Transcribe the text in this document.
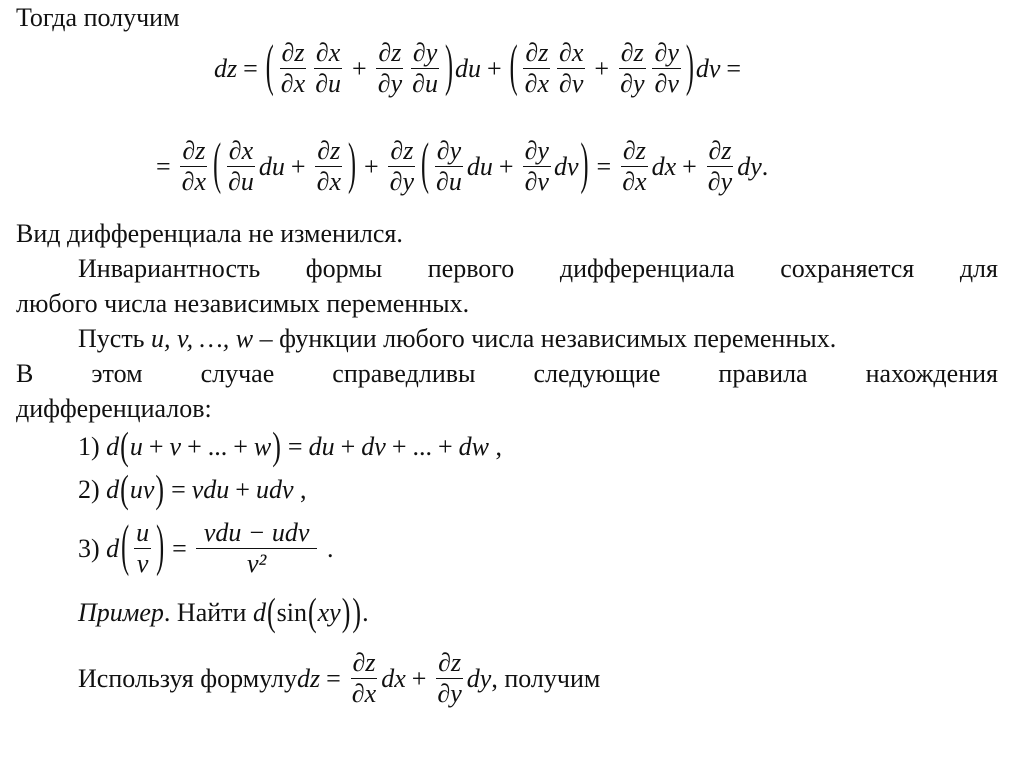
Тогда получим
dz = ( $\frac{\partial z}{\partial x} \frac{\partial x}{\partial u} + \frac{\partial z}{\partial y} \frac{\partial y}{\partial u}$ ) du + ( $\frac{\partial z}{\partial x} \frac{\partial x}{\partial v} + \frac{\partial z}{\partial y} \frac{\partial y}{\partial v}$ ) dv =
= $\frac{\partial z}{\partial x}$ ( $\frac{\partial x}{\partial u}$ du + $\frac{\partial z}{\partial x}$ ) + $\frac{\partial z}{\partial y}$ ( $\frac{\partial y}{\partial u}$ du + $\frac{\partial y}{\partial v}$ dv ) = $\frac{\partial z}{\partial x}$ dx + $\frac{\partial z}{\partial y}$ dy .
Вид дифференциала не изменился.
Инвариантность формы первого дифференциала сохраняется для
любого числа независимых переменных.
Пусть u, v, …, w – функции любого числа независимых переменных.
В этом случае справедливы следующие правила нахождения
дифференциалов:
1)
d ( u + v + ... + w ) = du + dv + ... + dw ,
2)
d ( uv ) = vdu + udv ,
3)
d ( $\frac{u}{v}$ ) = $\frac{\text{vdu − udv}}{\text{v²}}$
.
Пример . Найти
d ( sin ( xy ) ) .
Используя формулу dz = $\frac{\partial z}{\partial x}$ dx + $\frac{\partial z}{\partial y}$ dy , получим
